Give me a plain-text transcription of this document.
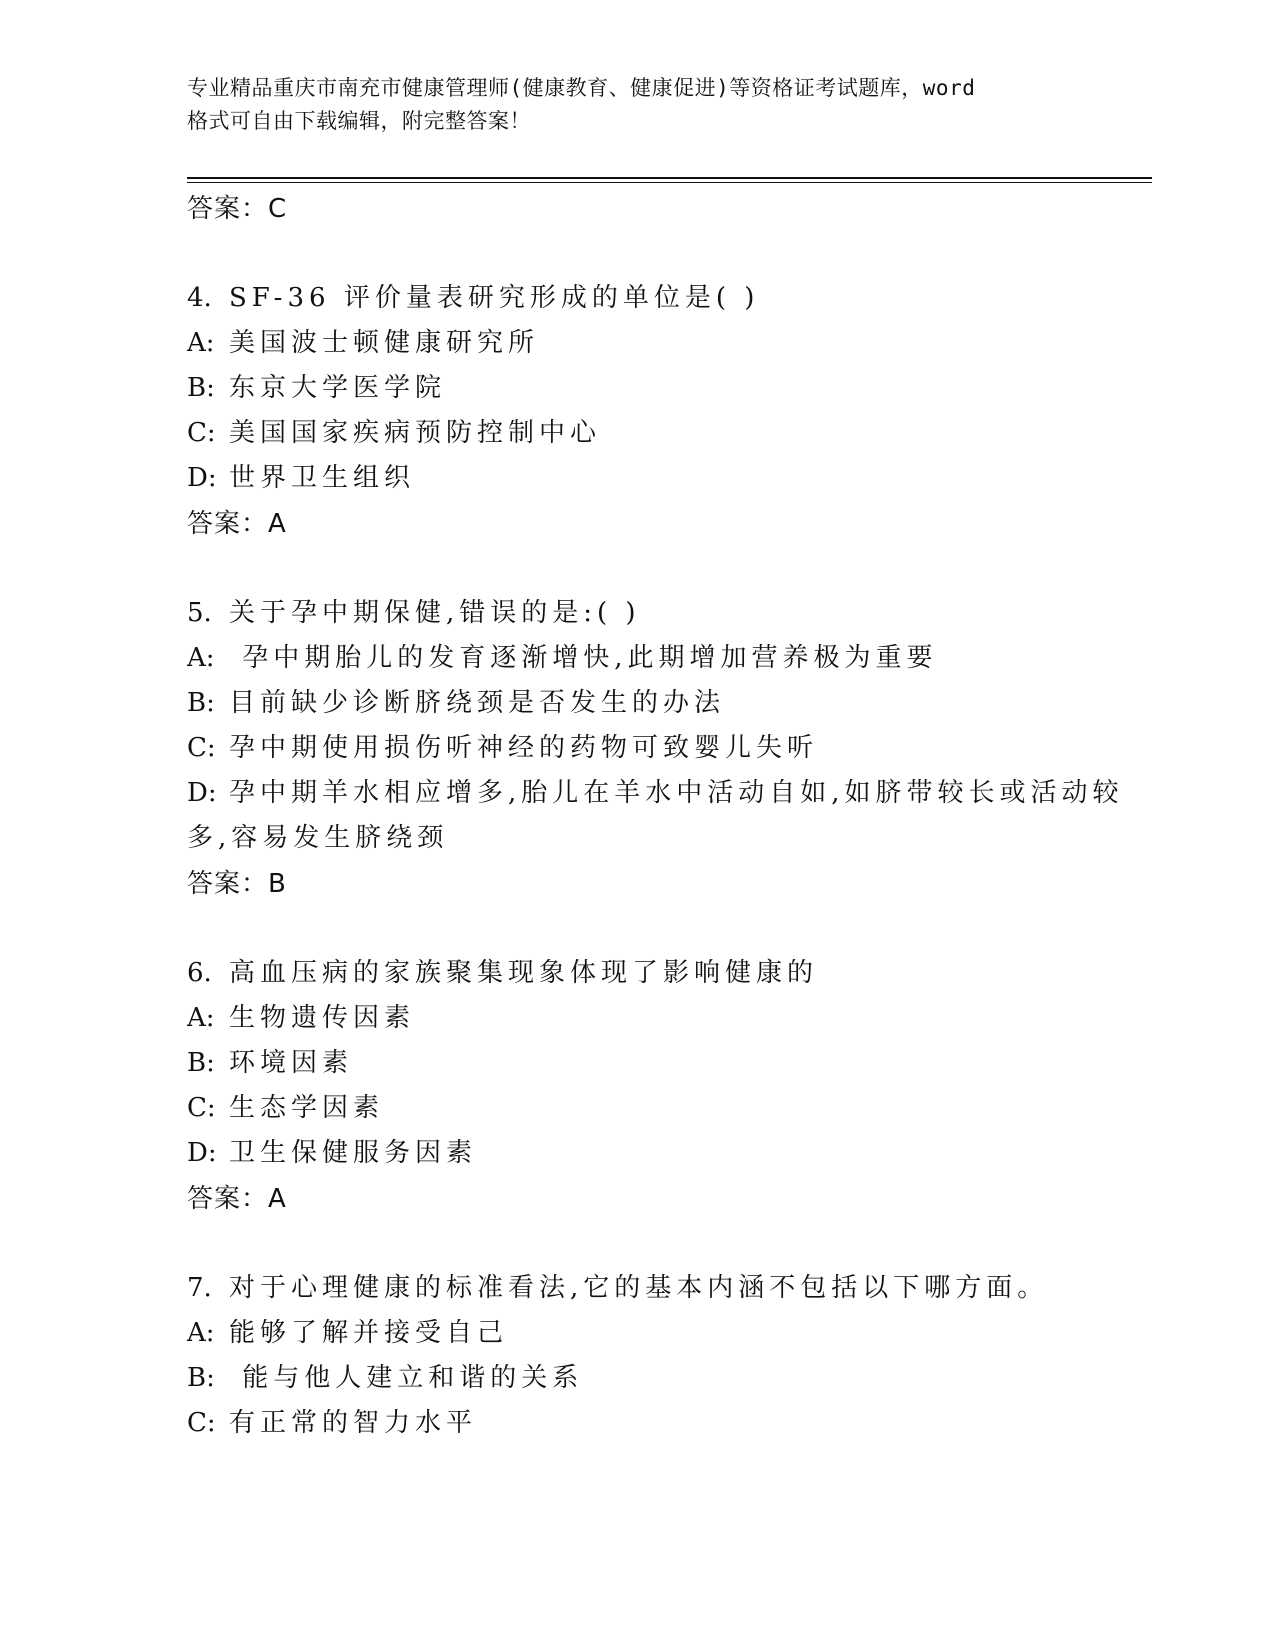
专业精品重庆市南充市健康管理师(健康教育、健康促进)等资格证考试题库，word
格式可自由下载编辑，附完整答案！
答案：C
4. SF-36 评价量表研究形成的单位是( )
A: 美国波士顿健康研究所
B: 东京大学医学院
C: 美国国家疾病预防控制中心
D: 世界卫生组织
答案：A
5. 关于孕中期保健,错误的是:( )
A: 孕中期胎儿的发育逐渐增快,此期增加营养极为重要
B: 目前缺少诊断脐绕颈是否发生的办法
C: 孕中期使用损伤听神经的药物可致婴儿失听
D: 孕中期羊水相应增多,胎儿在羊水中活动自如,如脐带较长或活动较
多,容易发生脐绕颈
答案：B
6. 高血压病的家族聚集现象体现了影响健康的
A: 生物遗传因素
B: 环境因素
C: 生态学因素
D: 卫生保健服务因素
答案：A
7. 对于心理健康的标准看法,它的基本内涵不包括以下哪方面。
A: 能够了解并接受自己
B: 能与他人建立和谐的关系
C: 有正常的智力水平
